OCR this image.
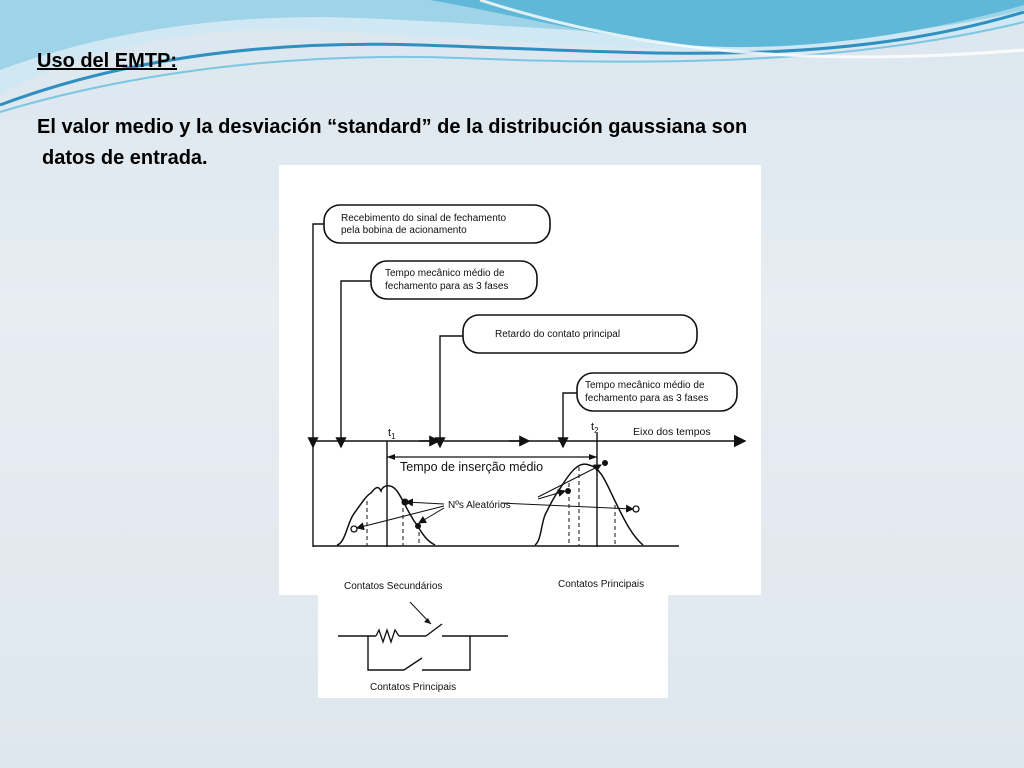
Uso del EMTP:
El valor medio y la desviación “standard” de la distribución gaussiana son
datos de entrada.
Recebimento do sinal de fechamento
pela bobina de acionamento
Tempo mecânico médio de
fechamento para as 3 fases
Retardo do contato principal
Tempo mecânico médio de
fechamento para as 3 fases
Eixo dos tempos
$t_1$
$t_2$
Tempo de inserção médio
Nºs Aleatórios
Contatos Secundários	Contatos Principais
Contatos Principais
